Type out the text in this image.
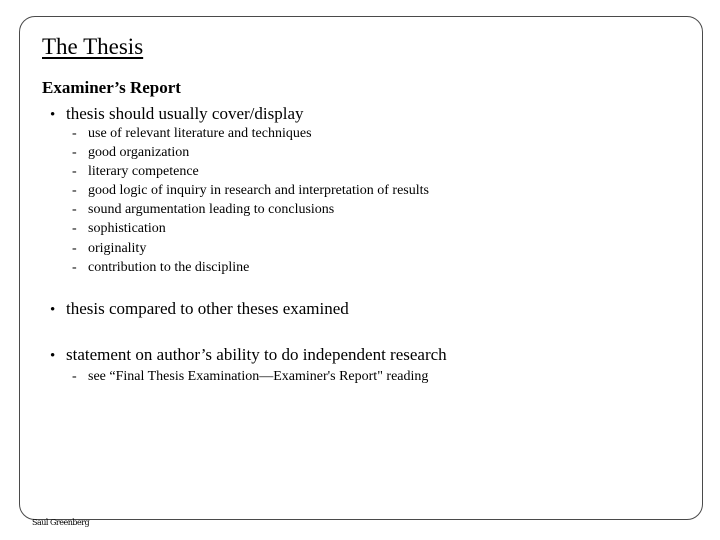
The Thesis
Examiner’s Report
• thesis should usually cover/display
- use of relevant literature and techniques
- good organization
- literary competence
- good logic of inquiry in research and interpretation of results
- sound argumentation leading to conclusions
- sophistication
- originality
- contribution to the discipline
• thesis compared to other theses examined
• statement on author’s ability to do independent research
- see “Final Thesis Examination—Examiner's Report" reading
Saul Greenberg
